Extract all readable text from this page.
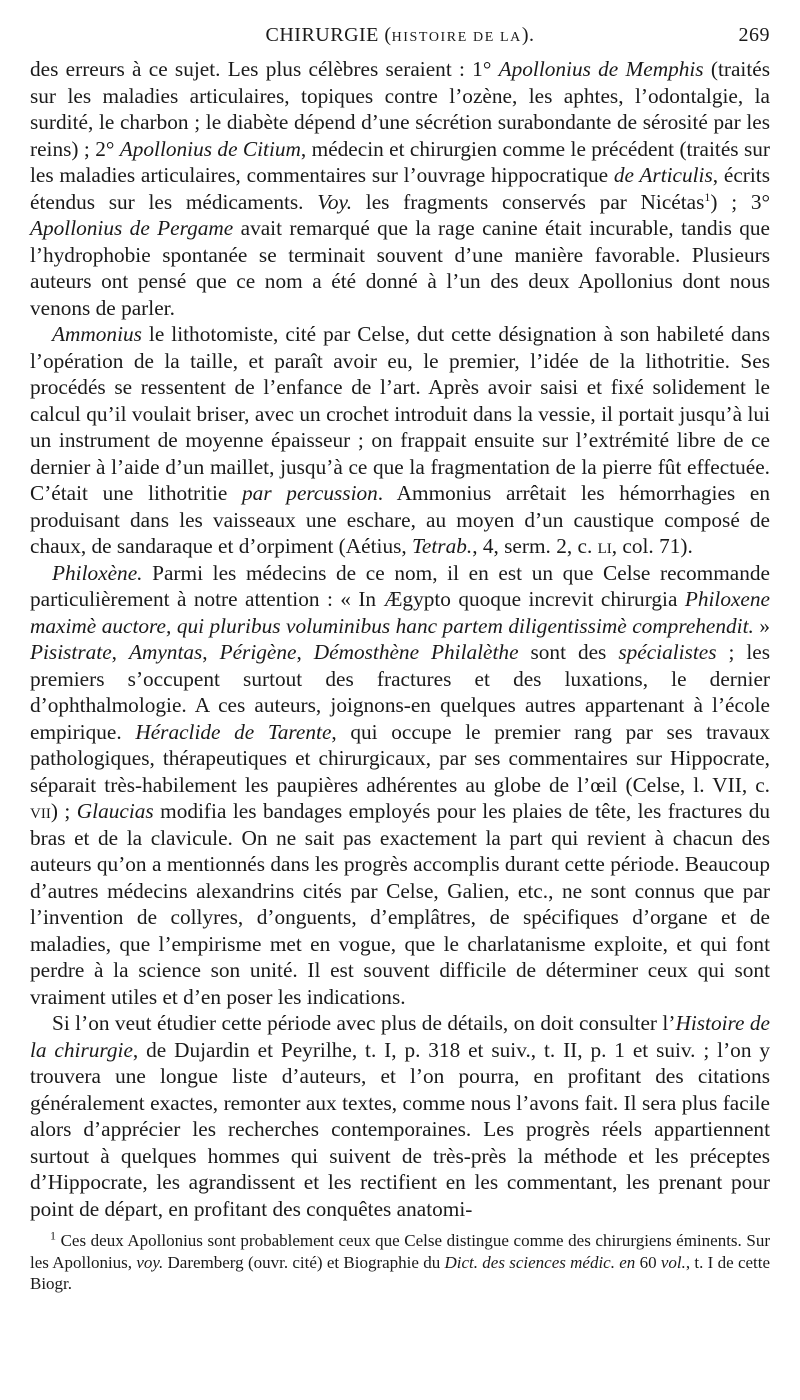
CHIRURGIE (HISTOIRE DE LA).	269

des erreurs à ce sujet. Les plus célèbres seraient : 1° Apollonius de Memphis (traités sur les maladies articulaires, topiques contre l’ozène, les aphtes, l’odontalgie, la surdité, le charbon ; le diabète dépend d’une sécrétion surabondante de sérosité par les reins) ; 2° Apollonius de Citium, médecin et chirurgien comme le précédent (traités sur les maladies articulaires, commentaires sur l’ouvrage hippocratique de Articulis, écrits étendus sur les médicaments. Voy. les fragments conservés par Nicétas$^1$) ; 3° Apollonius de Pergame avait remarqué que la rage canine était incurable, tandis que l’hydrophobie spontanée se terminait souvent d’une manière favorable. Plusieurs auteurs ont pensé que ce nom a été donné à l’un des deux Apollonius dont nous venons de parler.

Ammonius le lithotomiste, cité par Celse, dut cette désignation à son habileté dans l’opération de la taille, et paraît avoir eu, le premier, l’idée de la lithotritie. Ses procédés se ressentent de l’enfance de l’art. Après avoir saisi et fixé solidement le calcul qu’il voulait briser, avec un crochet introduit dans la vessie, il portait jusqu’à lui un instrument de moyenne épaisseur ; on frappait ensuite sur l’extrémité libre de ce dernier à l’aide d’un maillet, jusqu’à ce que la fragmentation de la pierre fût effectuée. C’était une lithotritie par percussion. Ammonius arrêtait les hémorrhagies en produisant dans les vaisseaux une eschare, au moyen d’un caustique composé de chaux, de sandaraque et d’orpiment (Aétius, Tetrab., 4, serm. 2, c. li, col. 71).

Philoxène. Parmi les médecins de ce nom, il en est un que Celse recommande particulièrement à notre attention : « In Ægypto quoque increvit chirurgia Philoxene maximè auctore, qui pluribus voluminibus hanc partem diligentissimè comprehendit. » Pisistrate, Amyntas, Périgène, Démosthène Philalèthe sont des spécialistes ; les premiers s’occupent surtout des fractures et des luxations, le dernier d’ophthalmologie. A ces auteurs, joignons-en quelques autres appartenant à l’école empirique. Héraclide de Tarente, qui occupe le premier rang par ses travaux pathologiques, thérapeutiques et chirurgicaux, par ses commentaires sur Hippocrate, séparait très-habilement les paupières adhérentes au globe de l’œil (Celse, l. VII, c. vii) ; Glaucias modifia les bandages employés pour les plaies de tête, les fractures du bras et de la clavicule. On ne sait pas exactement la part qui revient à chacun des auteurs qu’on a mentionnés dans les progrès accomplis durant cette période. Beaucoup d’autres médecins alexandrins cités par Celse, Galien, etc., ne sont connus que par l’invention de collyres, d’onguents, d’emplâtres, de spécifiques d’organe et de maladies, que l’empirisme met en vogue, que le charlatanisme exploite, et qui font perdre à la science son unité. Il est souvent difficile de déterminer ceux qui sont vraiment utiles et d’en poser les indications.

Si l’on veut étudier cette période avec plus de détails, on doit consulter l’Histoire de la chirurgie, de Dujardin et Peyrilhe, t. I, p. 318 et suiv., t. II, p. 1 et suiv. ; l’on y trouvera une longue liste d’auteurs, et l’on pourra, en profitant des citations généralement exactes, remonter aux textes, comme nous l’avons fait. Il sera plus facile alors d’apprécier les recherches contemporaines. Les progrès réels appartiennent surtout à quelques hommes qui suivent de très-près la méthode et les préceptes d’Hippocrate, les agrandissent et les rectifient en les commentant, les prenant pour point de départ, en profitant des conquêtes anatomi-

$^1$ Ces deux Apollonius sont probablement ceux que Celse distingue comme des chirurgiens éminents. Sur les Apollonius, voy. Daremberg (ouvr. cité) et Biographie du Dict. des sciences médic. en 60 vol., t. I de cette Biogr.
